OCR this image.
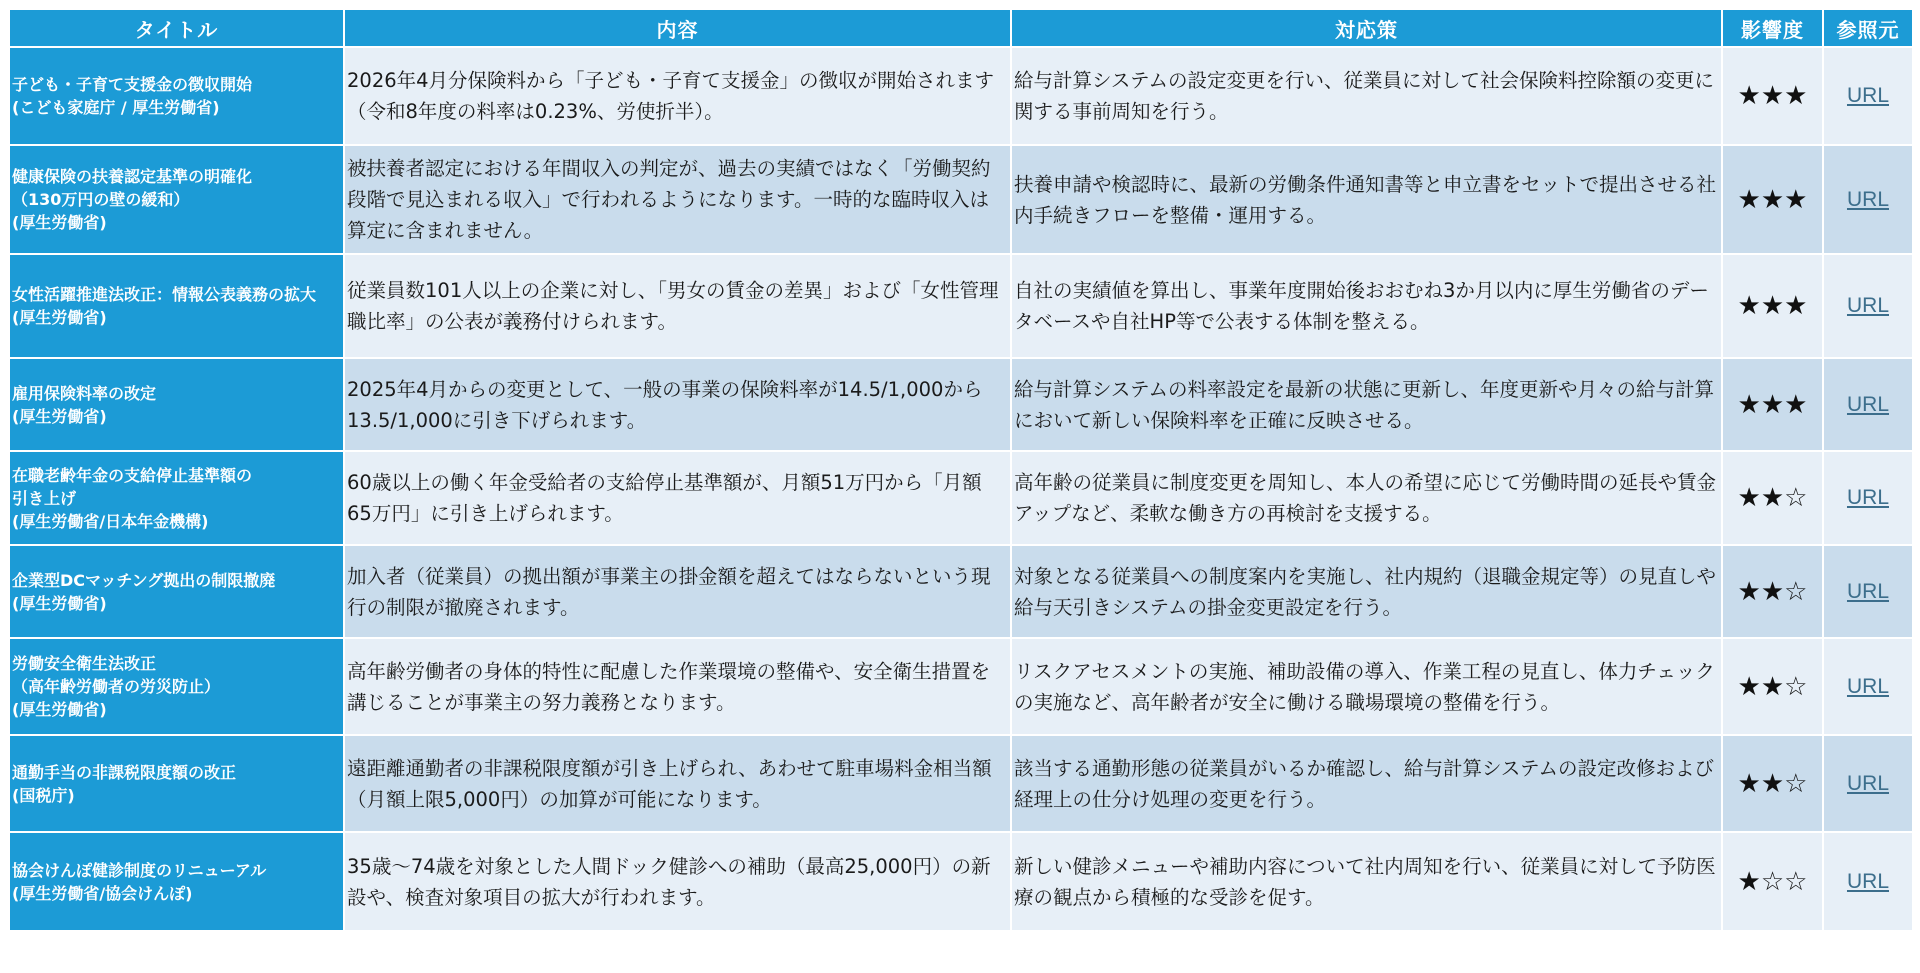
タイトル	内容	対応策	影響度	参照元

子ども・子育て支援金の徴収開始
(こども家庭庁 / 厚生労働省)	2026年4月分保険料から「子ども・子育て支援金」の徴収が開始されます（令和8年度の料率は0.23%、労使折半）。	給与計算システムの設定変更を行い、従業員に対して社会保険料控除額の変更に関する事前周知を行う。	★★★	URL

健康保険の扶養認定基準の明確化
（130万円の壁の緩和）
(厚生労働省)	被扶養者認定における年間収入の判定が、過去の実績ではなく「労働契約段階で見込まれる収入」で行われるようになります。一時的な臨時収入は算定に含まれません。	扶養申請や検認時に、最新の労働条件通知書等と申立書をセットで提出させる社内手続きフローを整備・運用する。	★★★	URL

女性活躍推進法改正：情報公表義務の拡大
(厚生労働省)	従業員数101人以上の企業に対し、「男女の賃金の差異」および「女性管理職比率」の公表が義務付けられます。	自社の実績値を算出し、事業年度開始後おおむね3か月以内に厚生労働省のデータベースや自社HP等で公表する体制を整える。	★★★	URL

雇用保険料率の改定
(厚生労働省)	2025年4月からの変更として、一般の事業の保険料率が14.5/1,000から13.5/1,000に引き下げられます。	給与計算システムの料率設定を最新の状態に更新し、年度更新や月々の給与計算において新しい保険料率を正確に反映させる。	★★★	URL

在職老齢年金の支給停止基準額の
引き上げ
(厚生労働省/日本年金機構)	60歳以上の働く年金受給者の支給停止基準額が、月額51万円から「月額65万円」に引き上げられます。	高年齢の従業員に制度変更を周知し、本人の希望に応じて労働時間の延長や賃金アップなど、柔軟な働き方の再検討を支援する。	★★☆	URL

企業型DCマッチング拠出の制限撤廃
(厚生労働省)	加入者（従業員）の拠出額が事業主の掛金額を超えてはならないという現行の制限が撤廃されます。	対象となる従業員への制度案内を実施し、社内規約（退職金規定等）の見直しや給与天引きシステムの掛金変更設定を行う。	★★☆	URL

労働安全衛生法改正
（高年齢労働者の労災防止）
(厚生労働省)	高年齢労働者の身体的特性に配慮した作業環境の整備や、安全衛生措置を講じることが事業主の努力義務となります。	リスクアセスメントの実施、補助設備の導入、作業工程の見直し、体力チェックの実施など、高年齢者が安全に働ける職場環境の整備を行う。	★★☆	URL

通勤手当の非課税限度額の改正
(国税庁)	遠距離通勤者の非課税限度額が引き上げられ、あわせて駐車場料金相当額（月額上限5,000円）の加算が可能になります。	該当する通勤形態の従業員がいるか確認し、給与計算システムの設定改修および経理上の仕分け処理の変更を行う。	★★☆	URL

協会けんぽ健診制度のリニューアル
(厚生労働省/協会けんぽ)	35歳〜74歳を対象とした人間ドック健診への補助（最高25,000円）の新設や、検査対象項目の拡大が行われます。	新しい健診メニューや補助内容について社内周知を行い、従業員に対して予防医療の観点から積極的な受診を促す。	★☆☆	URL
